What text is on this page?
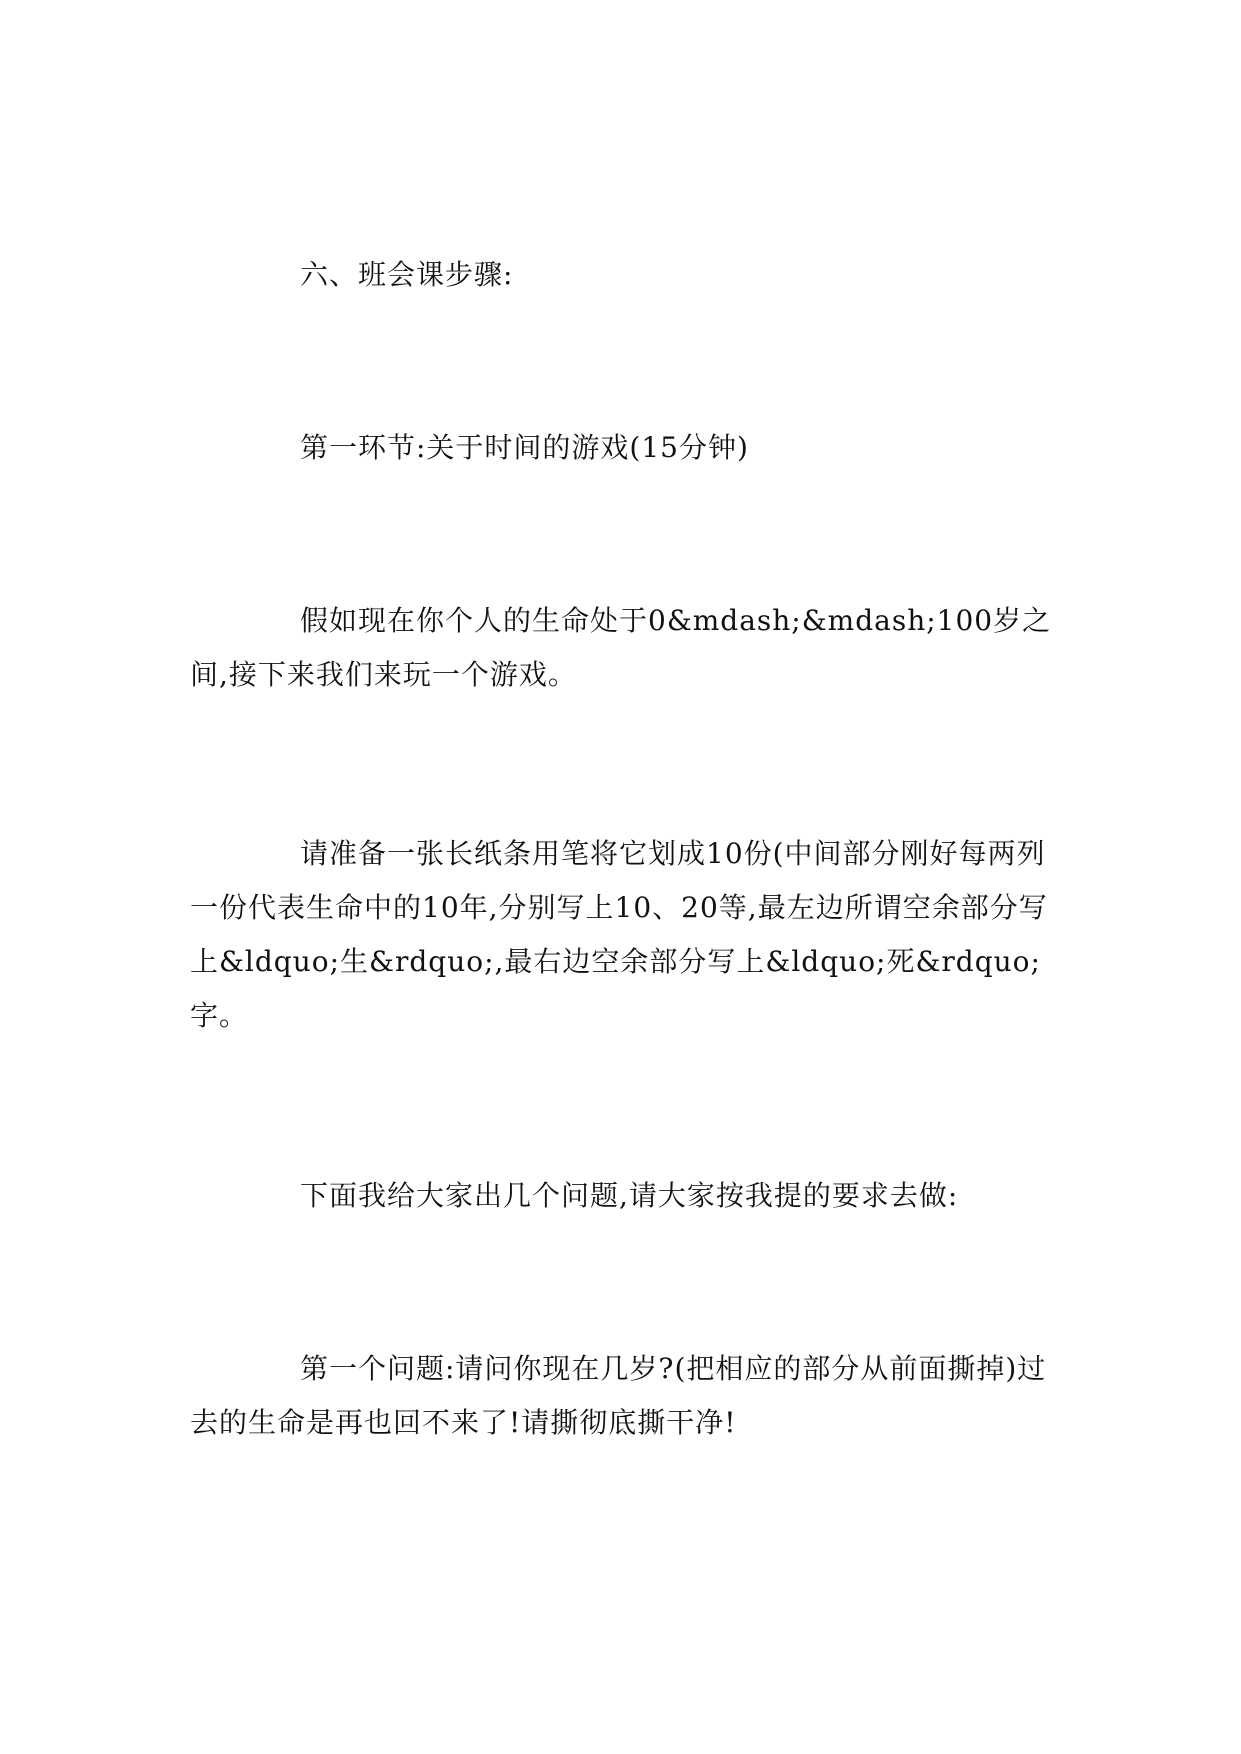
六、班会课步骤:

第一环节:关于时间的游戏(15分钟)

假如现在你个人的生命处于0&mdash;&mdash;100岁之间,接下来我们来玩一个游戏。

请准备一张长纸条用笔将它划成10份(中间部分刚好每两列一份代表生命中的10年,分别写上10、20等,最左边所谓空余部分写上&ldquo;生&rdquo;,最右边空余部分写上&ldquo;死&rdquo;字。

下面我给大家出几个问题,请大家按我提的要求去做:

第一个问题:请问你现在几岁?(把相应的部分从前面撕掉)过去的生命是再也回不来了!请撕彻底撕干净!
